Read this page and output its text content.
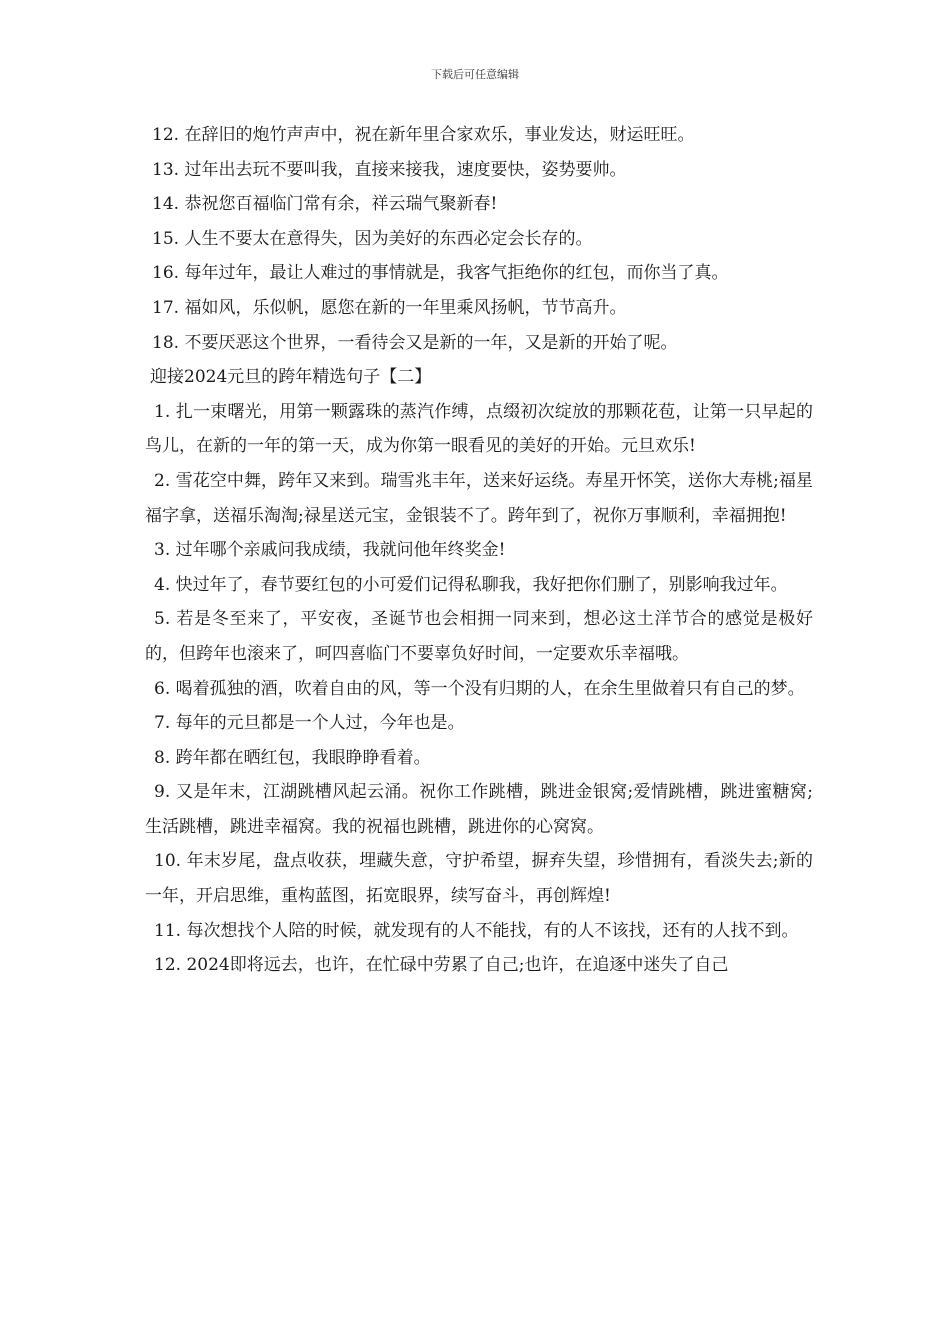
下载后可任意编辑

12. 在辞旧的炮竹声声中，祝在新年里合家欢乐，事业发达，财运旺旺。

13. 过年出去玩不要叫我，直接来接我，速度要快，姿势要帅。

14. 恭祝您百福临门常有余，祥云瑞气聚新春!

15. 人生不要太在意得失，因为美好的东西必定会长存的。

16. 每年过年，最让人难过的事情就是，我客气拒绝你的红包，而你当了真。

17. 福如风，乐似帆，愿您在新的一年里乘风扬帆，节节高升。

18. 不要厌恶这个世界，一看待会又是新的一年，又是新的开始了呢。

迎接2024元旦的跨年精选句子【二】

1. 扎一束曙光，用第一颗露珠的蒸汽作缚，点缀初次绽放的那颗花苞，让第一只早起的鸟儿，在新的一年的第一天，成为你第一眼看见的美好的开始。元旦欢乐!

2. 雪花空中舞，跨年又来到。瑞雪兆丰年，送来好运绕。寿星开怀笑，送你大寿桃;福星福字拿，送福乐淘淘;禄星送元宝，金银装不了。跨年到了，祝你万事顺利，幸福拥抱!

3. 过年哪个亲戚问我成绩，我就问他年终奖金!

4. 快过年了，春节要红包的小可爱们记得私聊我，我好把你们删了，别影响我过年。

5. 若是冬至来了，平安夜，圣诞节也会相拥一同来到，想必这土洋节合的感觉是极好的，但跨年也滚来了，呵四喜临门不要辜负好时间，一定要欢乐幸福哦。

6. 喝着孤独的酒，吹着自由的风，等一个没有归期的人，在余生里做着只有自己的梦。

7. 每年的元旦都是一个人过，今年也是。

8. 跨年都在晒红包，我眼睁睁看着。

9. 又是年末，江湖跳槽风起云涌。祝你工作跳槽，跳进金银窝;爱情跳槽，跳进蜜糖窝;生活跳槽，跳进幸福窝。我的祝福也跳槽，跳进你的心窝窝。

10. 年末岁尾，盘点收获，埋藏失意，守护希望，摒弃失望，珍惜拥有，看淡失去;新的一年，开启思维，重构蓝图，拓宽眼界，续写奋斗，再创辉煌!

11. 每次想找个人陪的时候，就发现有的人不能找，有的人不该找，还有的人找不到。

12. 2024即将远去，也许，在忙碌中劳累了自己;也许，在追逐中迷失了自己
